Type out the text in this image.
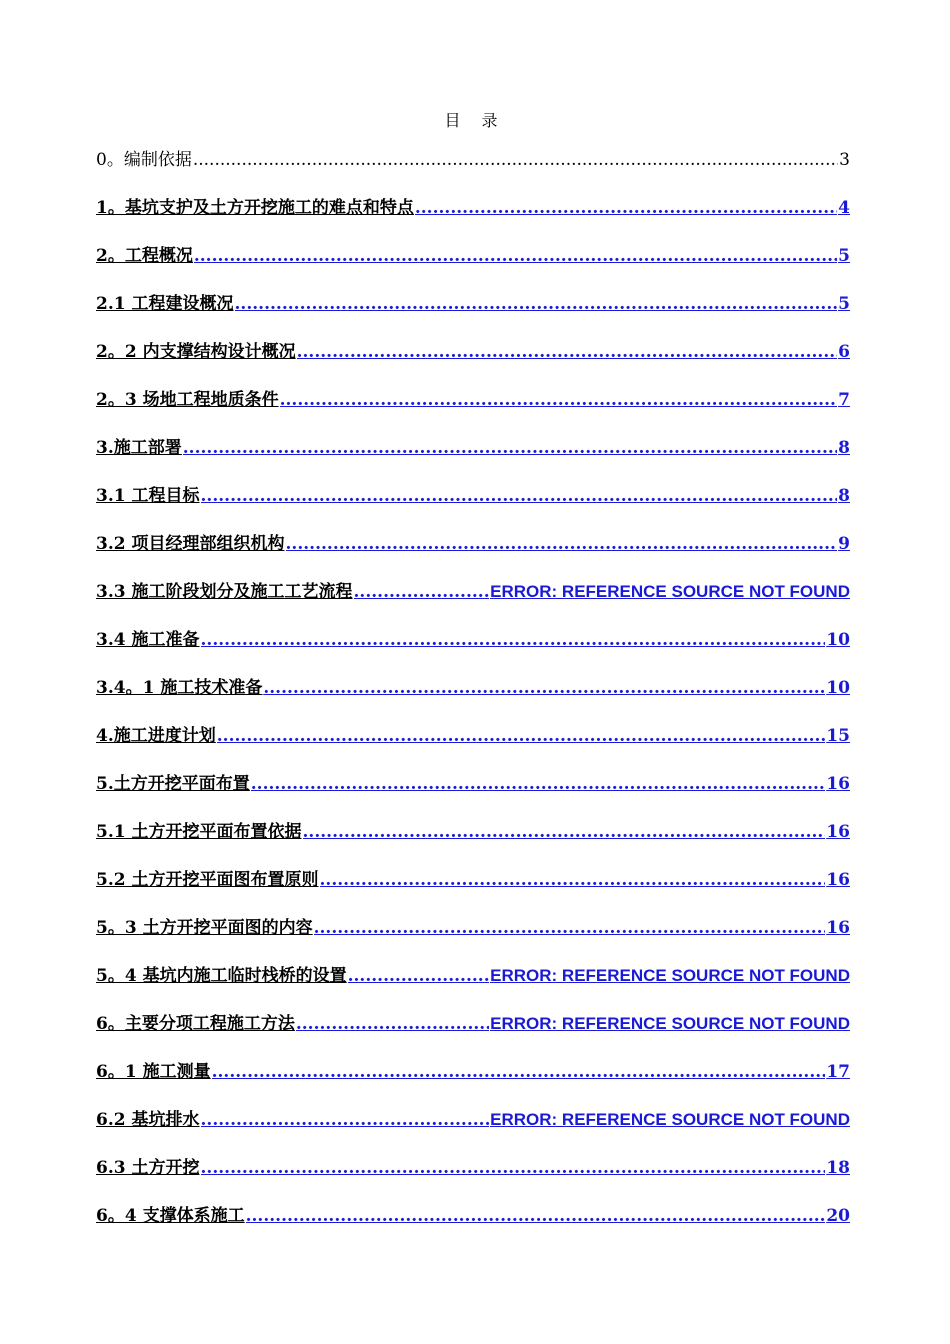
目 录
0。编制依据 .....	3
1。基坑支护及土方开挖施工的难点和特点 .....	4
2。工程概况 .....	5
2.1 工程建设概况 .....	5
2。2 内支撑结构设计概况 .....	6
2。3 场地工程地质条件 .....	7
3.施工部署 .....	8
3.1 工程目标 .....	8
3.2 项目经理部组织机构 .....	9
3.3 施工阶段划分及施工工艺流程 .....	ERROR: REFERENCE SOURCE NOT FOUND
3.4 施工准备 .....	10
3.4。1 施工技术准备 .....	10
4.施工进度计划 .....	15
5.土方开挖平面布置 .....	16
5.1 土方开挖平面布置依据 .....	16
5.2 土方开挖平面图布置原则 .....	16
5。3 土方开挖平面图的内容 .....	16
5。4 基坑内施工临时栈桥的设置 .....	ERROR: REFERENCE SOURCE NOT FOUND
6。主要分项工程施工方法 .....	ERROR: REFERENCE SOURCE NOT FOUND
6。1 施工测量 .....	17
6.2 基坑排水 .....	ERROR: REFERENCE SOURCE NOT FOUND
6.3 土方开挖 .....	18
6。4 支撑体系施工 .....	20
